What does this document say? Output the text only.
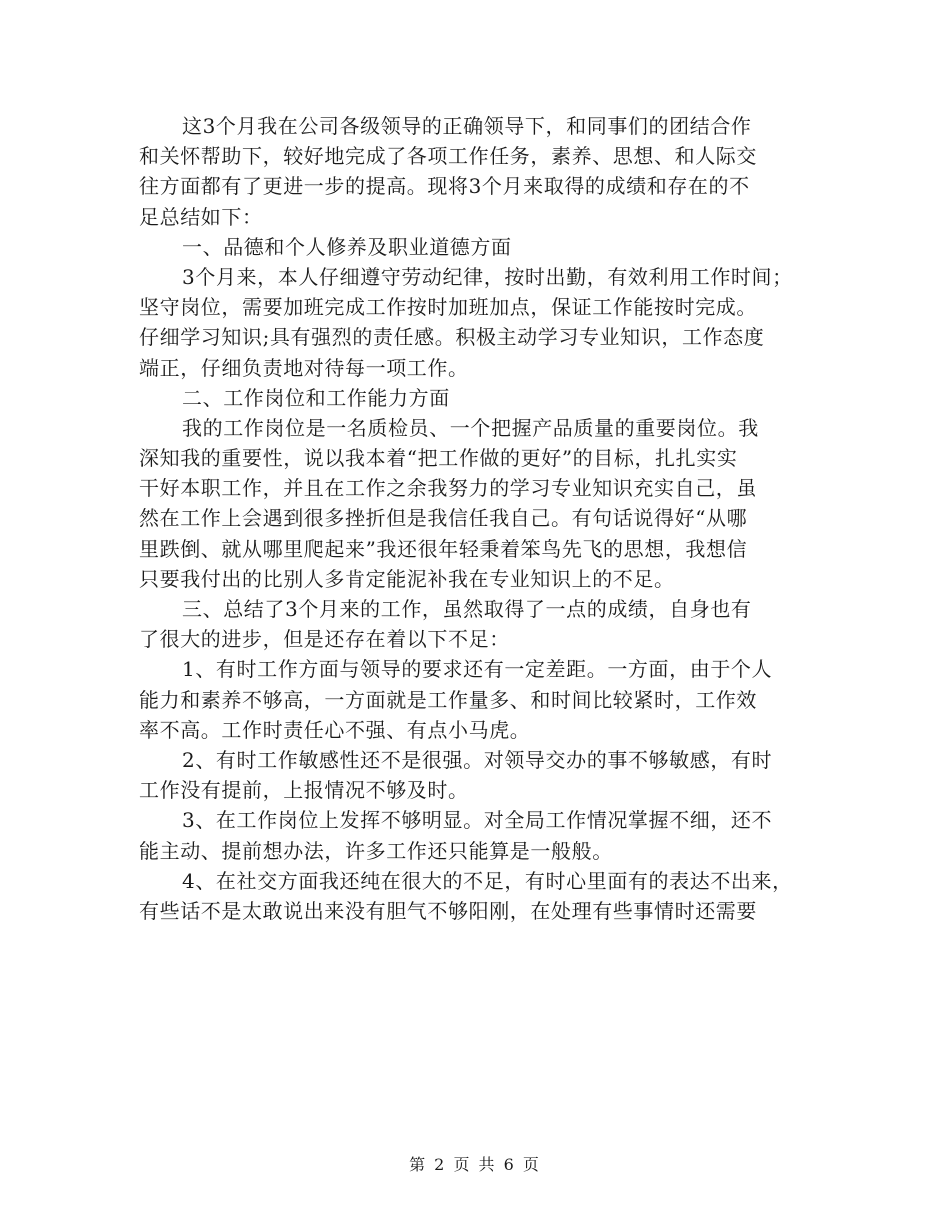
这3个月我在公司各级领导的正确领导下，和同事们的团结合作
和关怀帮助下，较好地完成了各项工作任务，素养、思想、和人际交
往方面都有了更进一步的提高。现将3个月来取得的成绩和存在的不
足总结如下：
一、品德和个人修养及职业道德方面
3个月来，本人仔细遵守劳动纪律，按时出勤，有效利用工作时间；
坚守岗位，需要加班完成工作按时加班加点，保证工作能按时完成。
仔细学习知识;具有强烈的责任感。积极主动学习专业知识，工作态度
端正，仔细负责地对待每一项工作。
二、工作岗位和工作能力方面
我的工作岗位是一名质检员、一个把握产品质量的重要岗位。我
深知我的重要性，说以我本着“把工作做的更好”的目标，扎扎实实
干好本职工作，并且在工作之余我努力的学习专业知识充实自己，虽
然在工作上会遇到很多挫折但是我信任我自己。有句话说得好“从哪
里跌倒、就从哪里爬起来”我还很年轻秉着笨鸟先飞的思想，我想信
只要我付出的比别人多肯定能泥补我在专业知识上的不足。
三、总结了3个月来的工作，虽然取得了一点的成绩，自身也有
了很大的进步，但是还存在着以下不足：
1、有时工作方面与领导的要求还有一定差距。一方面，由于个人
能力和素养不够高，一方面就是工作量多、和时间比较紧时，工作效
率不高。工作时责任心不强、有点小马虎。
2、有时工作敏感性还不是很强。对领导交办的事不够敏感，有时
工作没有提前，上报情况不够及时。
3、在工作岗位上发挥不够明显。对全局工作情况掌握不细，还不
能主动、提前想办法，许多工作还只能算是一般般。
4、在社交方面我还纯在很大的不足，有时心里面有的表达不出来，
有些话不是太敢说出来没有胆气不够阳刚，在处理有些事情时还需要
第 2 页 共 6 页
